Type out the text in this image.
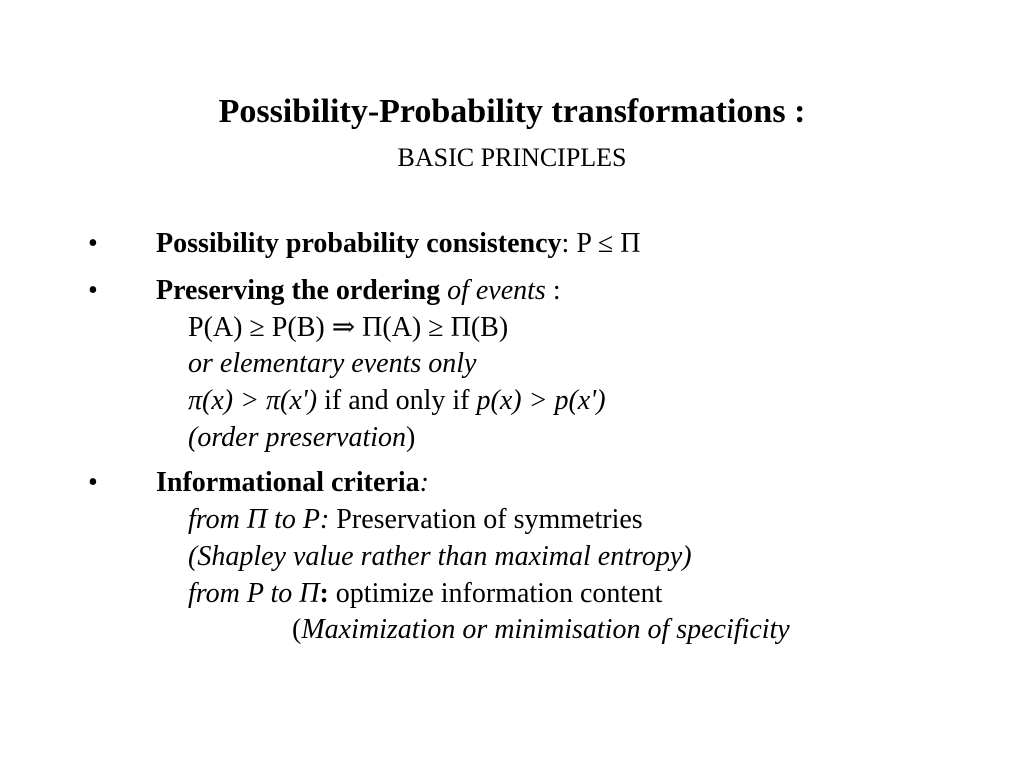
Possibility-Probability transformations :
BASIC PRINCIPLES
• Possibility probability consistency: P ≤ Π
• Preserving the ordering of events :
P(A) ≥ P(B) ⇒ Π(A) ≥ Π(B)
or elementary events only
π(x) > π(x') if and only if p(x) > p(x')
(order preservation)
• Informational criteria:
from Π to P: Preservation of symmetries
(Shapley value rather than maximal entropy)
from P to Π: optimize information content
(Maximization or minimisation of specificity
